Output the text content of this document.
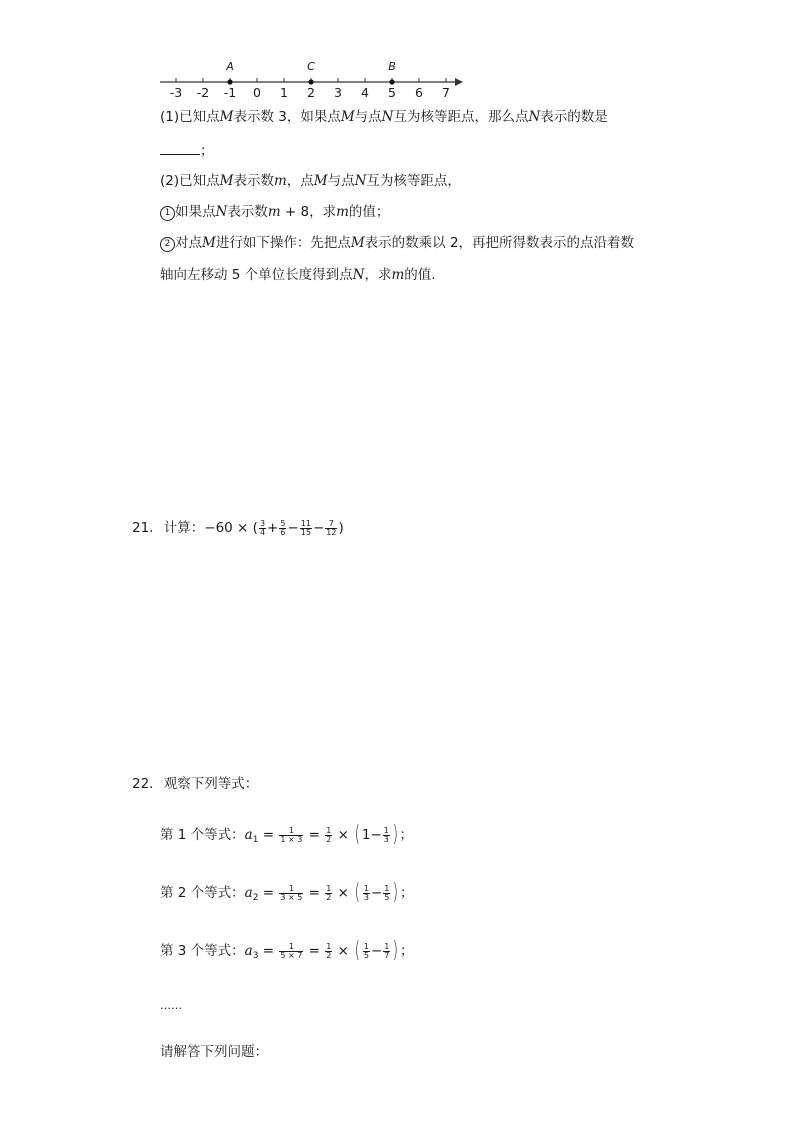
-3 -2 -1 0 1 2 3 4 5 6 7
A	C	B
(1)已知点M表示数 3，如果点M与点N互为核等距点，那么点N表示的数是
；
(2)已知点M表示数m，点M与点N互为核等距点，
1 如果点N表示数m + 8，求m的值；
2 对点M进行如下操作：先把点M表示的数乘以 2，再把所得数表示的点沿着数
轴向左移动 5 个单位长度得到点N，求m的值.
21. 计算：−60 × ( $\frac{3}{4} + \frac{5}{6} - \frac{11}{15} - \frac{7}{12}$ )
22. 观察下列等式：
第 1 个等式：$a_1 = \frac{1}{1 \times 3} = \frac{1}{2}$ × ( $1- \frac{1}{3}$ ) ；
第 2 个等式：$a_2 = \frac{1}{3 \times 5} = \frac{1}{2}$ × ( $\frac{1}{3} - \frac{1}{5}$ ) ；
第 3 个等式：$a_3 = \frac{1}{5 \times 7} = \frac{1}{2}$ × ( $\frac{1}{5} - \frac{1}{7}$ ) ；
……
请解答下列问题：
